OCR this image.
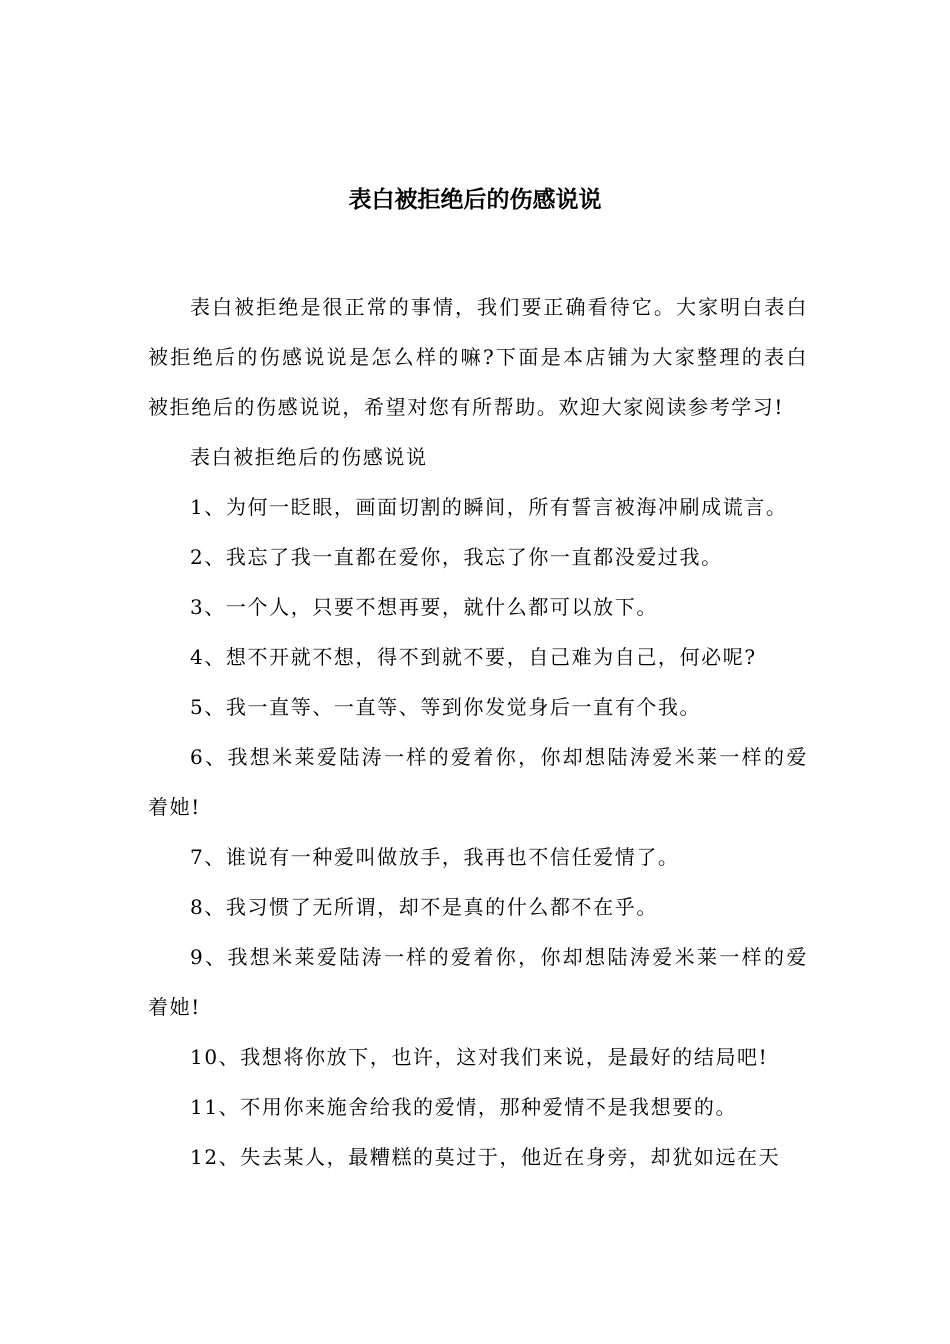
表白被拒绝后的伤感说说

表白被拒绝是很正常的事情，我们要正确看待它。大家明白表白被拒绝后的伤感说说是怎么样的嘛?下面是本店铺为大家整理的表白被拒绝后的伤感说说，希望对您有所帮助。欢迎大家阅读参考学习!

表白被拒绝后的伤感说说

1、为何一眨眼，画面切割的瞬间，所有誓言被海冲刷成谎言。

2、我忘了我一直都在爱你，我忘了你一直都没爱过我。

3、一个人，只要不想再要，就什么都可以放下。

4、想不开就不想，得不到就不要，自己难为自己，何必呢?

5、我一直等、一直等、等到你发觉身后一直有个我。

6、我想米莱爱陆涛一样的爱着你，你却想陆涛爱米莱一样的爱着她!

7、谁说有一种爱叫做放手，我再也不信任爱情了。

8、我习惯了无所谓，却不是真的什么都不在乎。

9、我想米莱爱陆涛一样的爱着你，你却想陆涛爱米莱一样的爱着她!

10、我想将你放下，也许，这对我们来说，是最好的结局吧!

11、不用你来施舍给我的爱情，那种爱情不是我想要的。

12、失去某人，最糟糕的莫过于，他近在身旁，却犹如远在天
